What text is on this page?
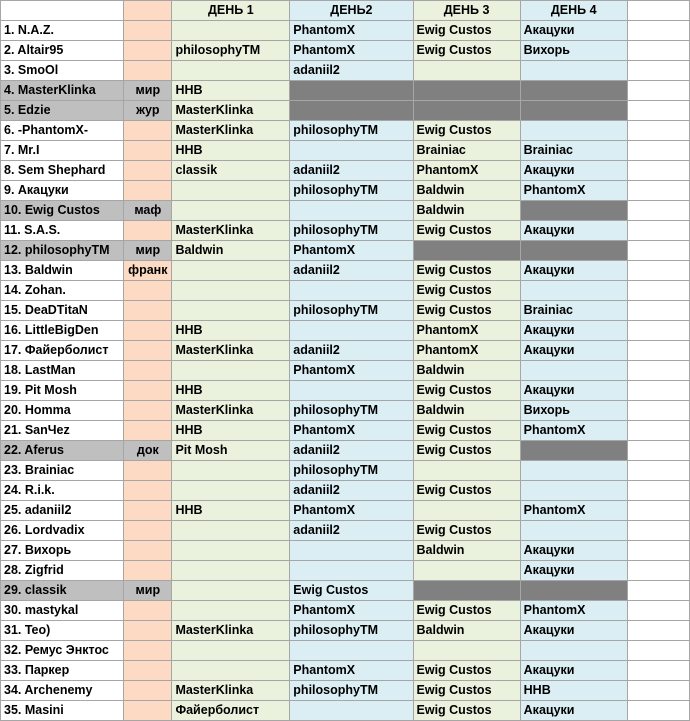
		ДЕНЬ 1	ДЕНЬ2	ДЕНЬ 3	ДЕНЬ 4	
1. N.A.Z.			PhantomX	Ewig Custos	Акацуки	
2. Altair95		philosophyTM	PhantomX	Ewig Custos	Вихорь	
3. SmoOl			adaniil2			
4. MasterKlinka	мир	HHB				
5. Edzie	жур	MasterKlinka				
6. -PhantomX-		MasterKlinka	philosophyTM	Ewig Custos		
7. Mr.I		HHB		Brainiac	Brainiac	
8. Sem Shephard		classik	adaniil2	PhantomX	Акацуки	
9. Акацуки			philosophyTM	Baldwin	PhantomX	
10. Ewig Custos	маф			Baldwin		
11. S.A.S.		MasterKlinka	philosophyTM	Ewig Custos	Акацуки	
12. philosophyTM	мир	Baldwin	PhantomX			
13. Baldwin	франк		adaniil2	Ewig Custos	Акацуки	
14. Zohan.				Ewig Custos		
15. DeaDTitaN			philosophyTM	Ewig Custos	Brainiac	
16. LittleBigDen		HHB		PhantomX	Акацуки	
17. Файерболист		MasterKlinka	adaniil2	PhantomX	Акацуки	
18. LastMan			PhantomX	Baldwin		
19. Pit Mosh		HHB		Ewig Custos	Акацуки	
20. Homma		MasterKlinka	philosophyTM	Baldwin	Вихорь	
21. SanЧez		HHB	PhantomX	Ewig Custos	PhantomX	
22. Aferus	док	Pit Mosh	adaniil2	Ewig Custos		
23. Brainiac			philosophyTM			
24. R.i.k.			adaniil2	Ewig Custos		
25. adaniil2		HHB	PhantomX		PhantomX	
26. Lordvadix			adaniil2	Ewig Custos		
27. Вихорь				Baldwin	Акацуки	
28. Zigfrid					Акацуки	
29. classik	мир		Ewig Custos			
30. mastykal			PhantomX	Ewig Custos	PhantomX	
31. Teo)		MasterKlinka	philosophyTM	Baldwin	Акацуки	
32. Ремус Энктос						
33. Паркер			PhantomX	Ewig Custos	Акацуки	
34. Archenemy		MasterKlinka	philosophyTM	Ewig Custos	HHB	
35. Masini		Файерболист		Ewig Custos	Акацуки	
